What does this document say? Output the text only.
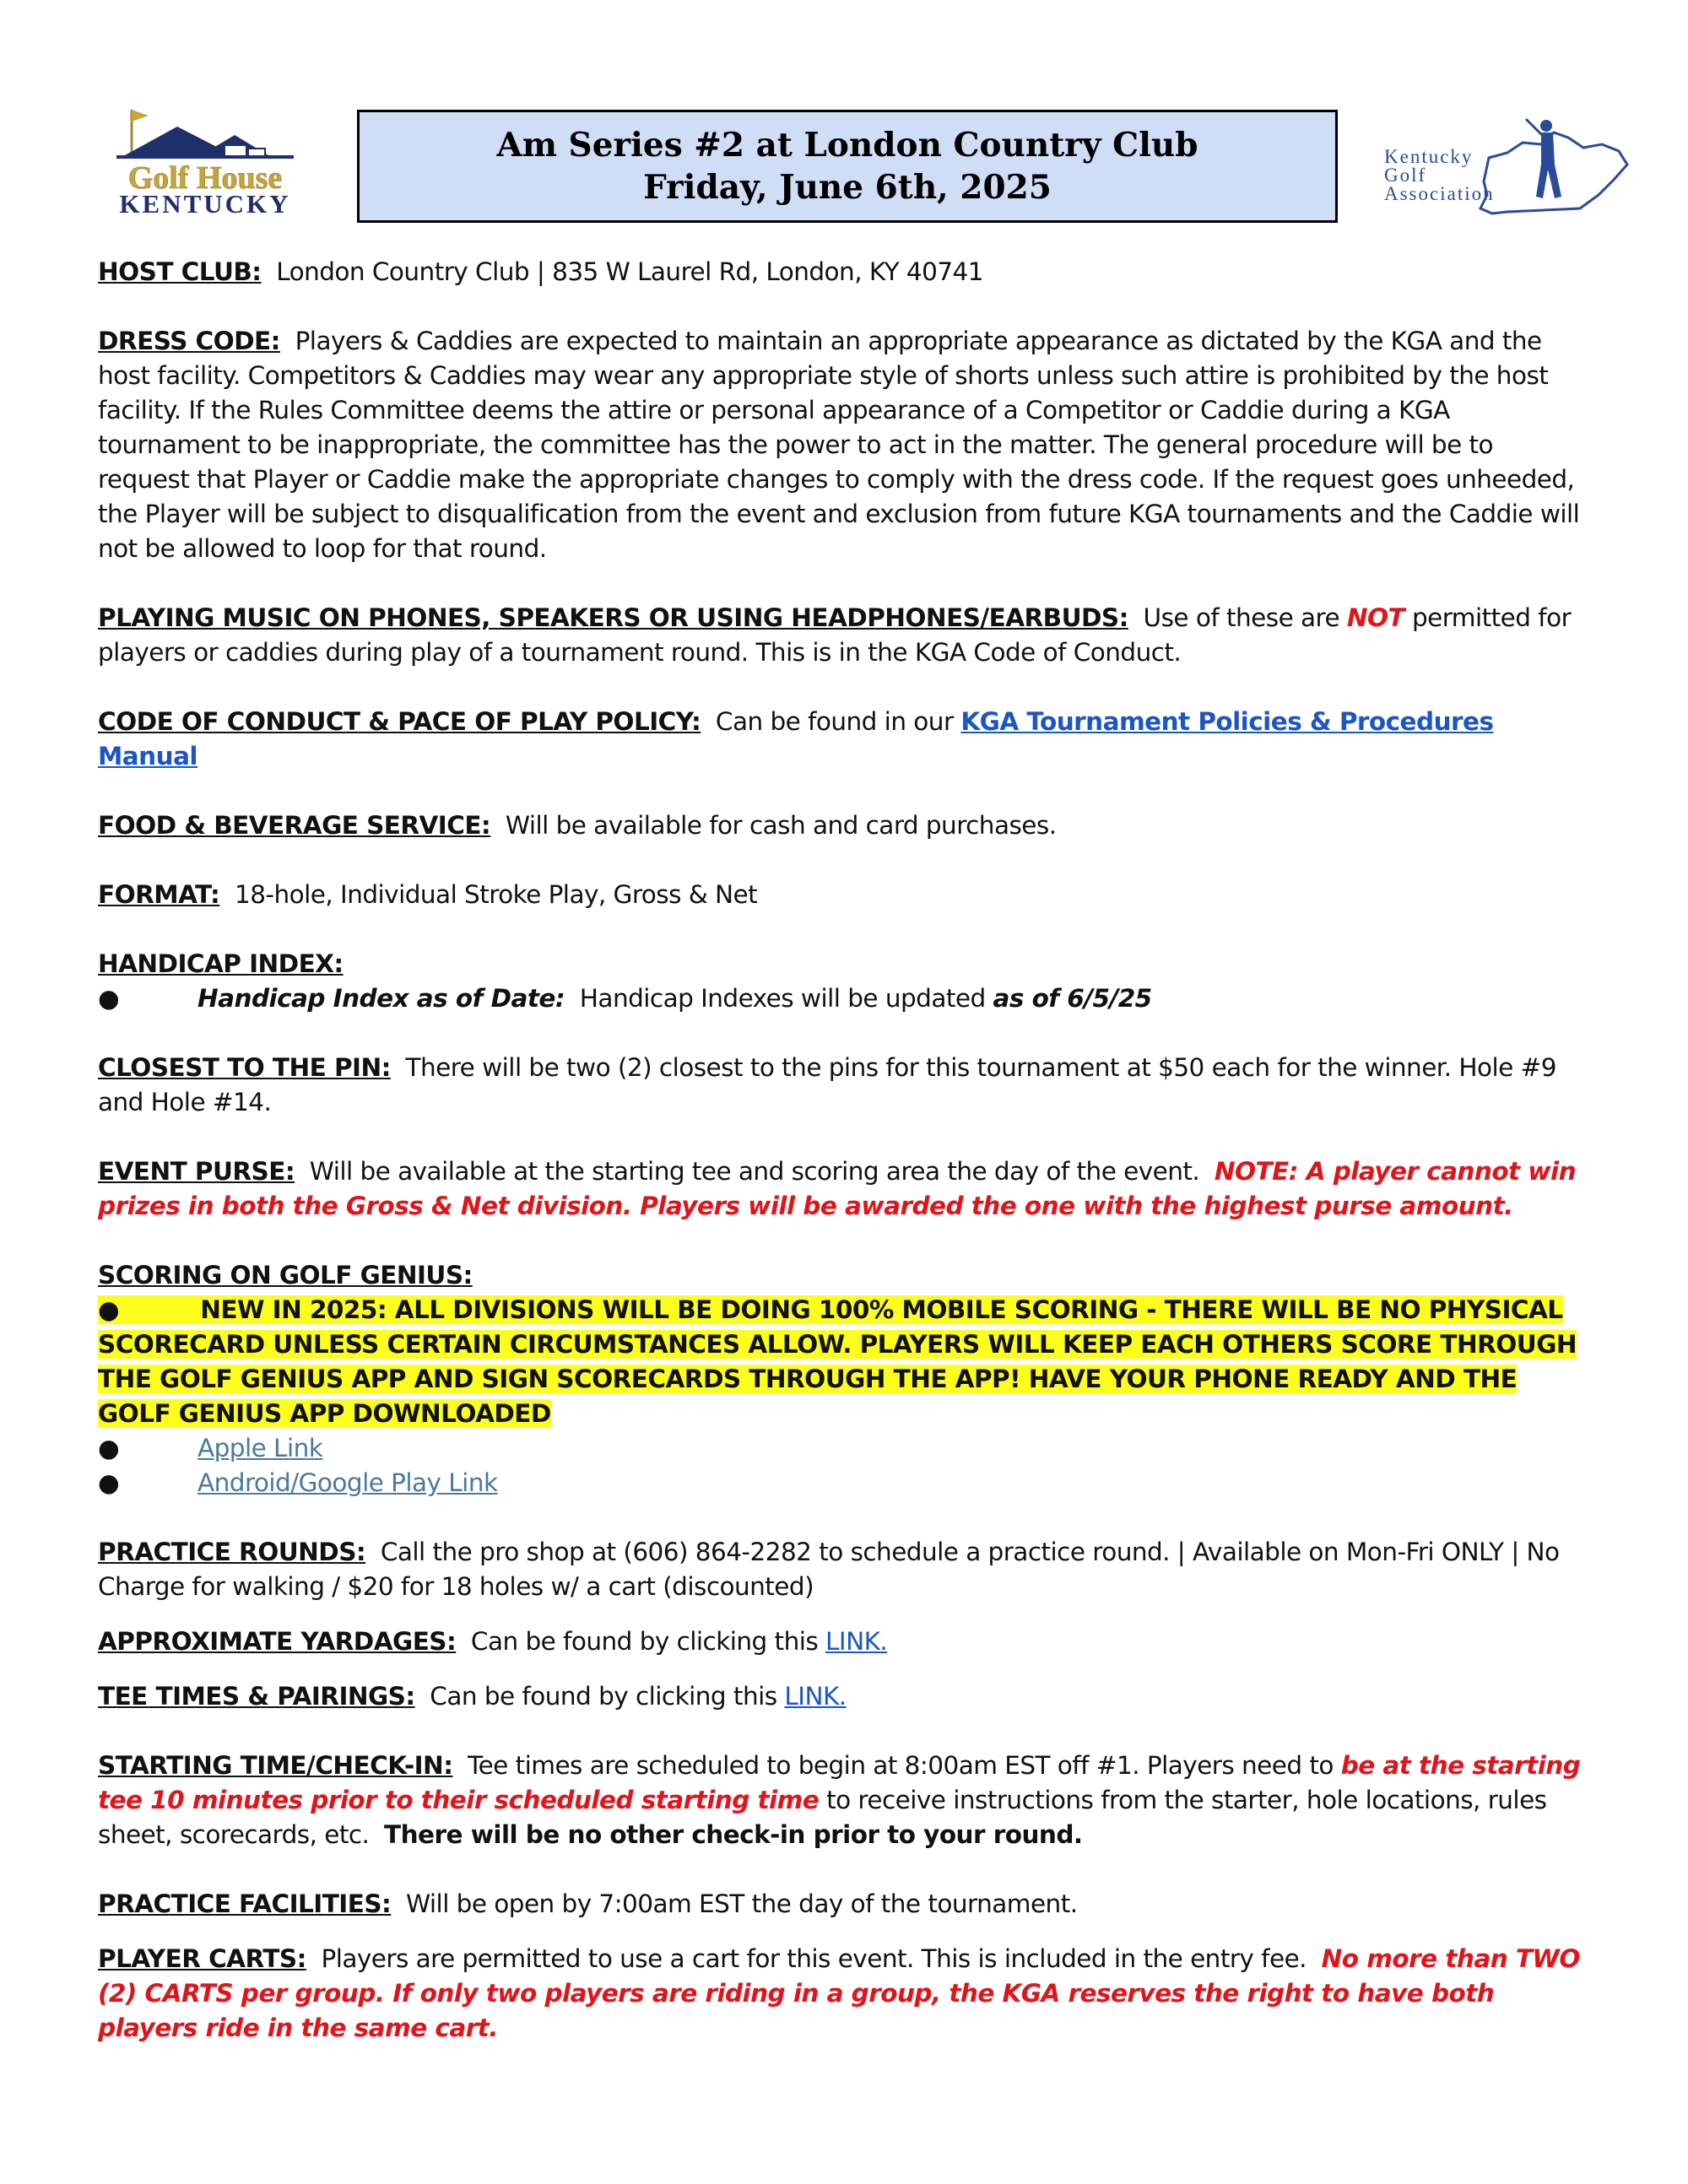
Golf House
KENTUCKY
Am Series #2 at London Country Club
Friday, June 6th, 2025
Kentucky
Golf
Association

HOST CLUB: London Country Club | 835 W Laurel Rd, London, KY 40741

DRESS CODE: Players & Caddies are expected to maintain an appropriate appearance as dictated by the KGA and the host facility. Competitors & Caddies may wear any appropriate style of shorts unless such attire is prohibited by the host facility. If the Rules Committee deems the attire or personal appearance of a Competitor or Caddie during a KGA tournament to be inappropriate, the committee has the power to act in the matter. The general procedure will be to request that Player or Caddie make the appropriate changes to comply with the dress code. If the request goes unheeded, the Player will be subject to disqualification from the event and exclusion from future KGA tournaments and the Caddie will not be allowed to loop for that round.

PLAYING MUSIC ON PHONES, SPEAKERS OR USING HEADPHONES/EARBUDS: Use of these are NOT permitted for players or caddies during play of a tournament round. This is in the KGA Code of Conduct.

CODE OF CONDUCT & PACE OF PLAY POLICY: Can be found in our KGA Tournament Policies & Procedures Manual

FOOD & BEVERAGE SERVICE: Will be available for cash and card purchases.

FORMAT: 18-hole, Individual Stroke Play, Gross & Net

HANDICAP INDEX:

●	Handicap Index as of Date: Handicap Indexes will be updated as of 6/5/25

CLOSEST TO THE PIN: There will be two (2) closest to the pins for this tournament at $50 each for the winner. Hole #9 and Hole #14.

EVENT PURSE: Will be available at the starting tee and scoring area the day of the event. NOTE: A player cannot win prizes in both the Gross & Net division. Players will be awarded the one with the highest purse amount.

SCORING ON GOLF GENIUS:

●	NEW IN 2025: ALL DIVISIONS WILL BE DOING 100% MOBILE SCORING - THERE WILL BE NO PHYSICAL SCORECARD UNLESS CERTAIN CIRCUMSTANCES ALLOW. PLAYERS WILL KEEP EACH OTHERS SCORE THROUGH THE GOLF GENIUS APP AND SIGN SCORECARDS THROUGH THE APP! HAVE YOUR PHONE READY AND THE GOLF GENIUS APP DOWNLOADED

●	Apple Link
●	Android/Google Play Link

PRACTICE ROUNDS: Call the pro shop at (606) 864-2282 to schedule a practice round. | Available on Mon-Fri ONLY | No Charge for walking / $20 for 18 holes w/ a cart (discounted)

APPROXIMATE YARDAGES: Can be found by clicking this LINK.

TEE TIMES & PAIRINGS: Can be found by clicking this LINK.

STARTING TIME/CHECK-IN: Tee times are scheduled to begin at 8:00am EST off #1. Players need to be at the starting tee 10 minutes prior to their scheduled starting time to receive instructions from the starter, hole locations, rules sheet, scorecards, etc. There will be no other check-in prior to your round.

PRACTICE FACILITIES: Will be open by 7:00am EST the day of the tournament.

PLAYER CARTS: Players are permitted to use a cart for this event. This is included in the entry fee. No more than TWO (2) CARTS per group. If only two players are riding in a group, the KGA reserves the right to have both players ride in the same cart.
